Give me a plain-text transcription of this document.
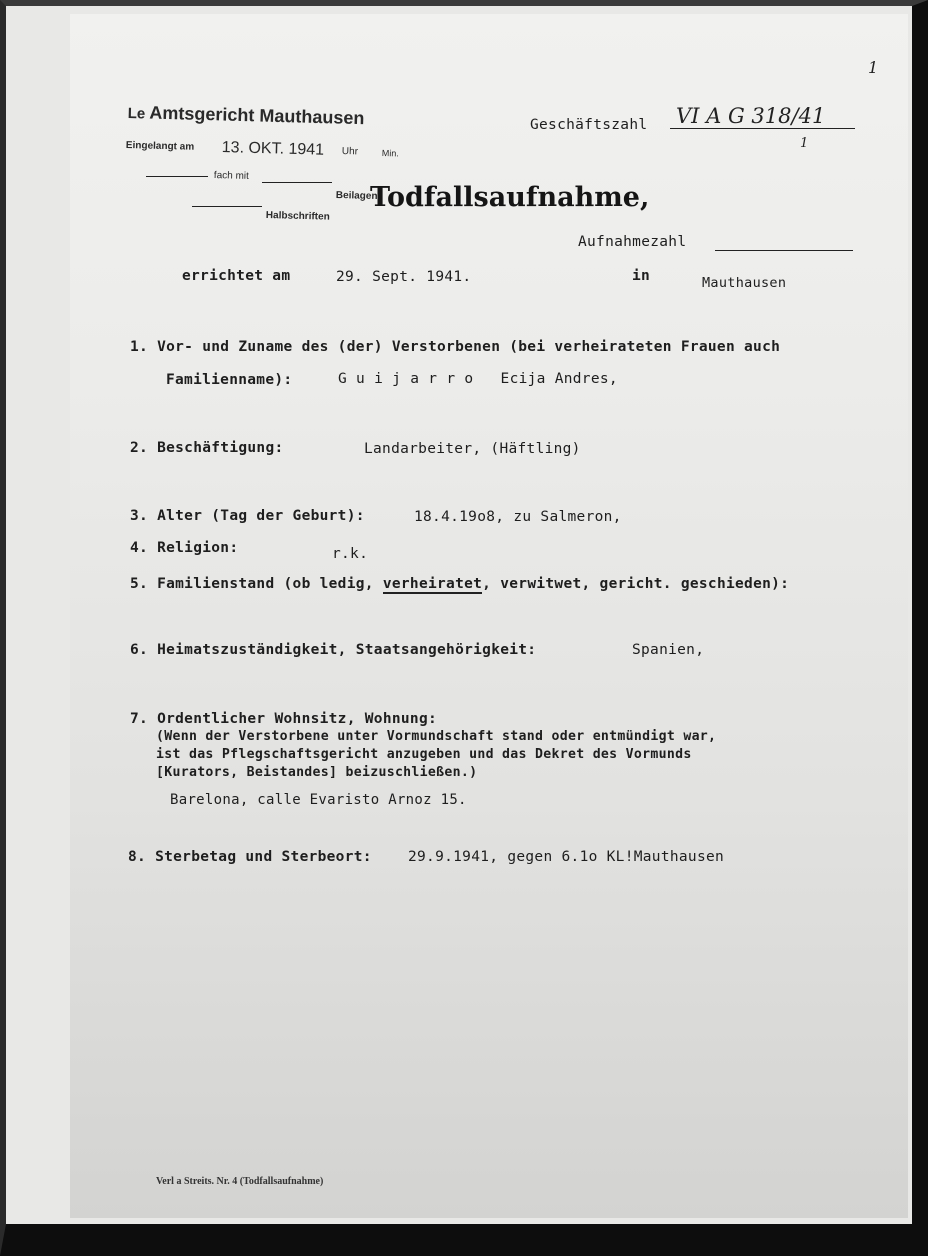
1
Le Amtsgericht Mauthausen
Eingelangt am 13. OKT. 1941 Uhr	Min.
fach mit
Beilagen
Halbschriften
Geschäftszahl VI A G 318/41
1
Todfallsaufnahme,
Aufnahmezahl
errichtet am	29. Sept. 1941.	in	Mauthausen
1. Vor- und Zuname des (der) Verstorbenen (bei verheirateten Frauen auch
Familienname):	G u i j a r r o   Ecija Andres,
2. Beschäftigung:	Landarbeiter, (Häftling)
3. Alter (Tag der Geburt):	18.4.19o8, zu Salmeron,
4. Religion:	r.k.
5. Familienstand (ob ledig, verheiratet, verwitwet, gericht. geschieden):
6. Heimatszuständigkeit, Staatsangehörigkeit:	Spanien,
7. Ordentlicher Wohnsitz, Wohnung:
(Wenn der Verstorbene unter Vormundschaft stand oder entmündigt war,
ist das Pflegschaftsgericht anzugeben und das Dekret des Vormunds
[Kurators, Beistandes] beizuschließen.)
Barelona, calle Evaristo Arnoz 15.
8. Sterbetag und Sterbeort: 29.9.1941, gegen 6.1o KL!Mauthausen
Verl a Streits. Nr. 4 (Todfallsaufnahme)
